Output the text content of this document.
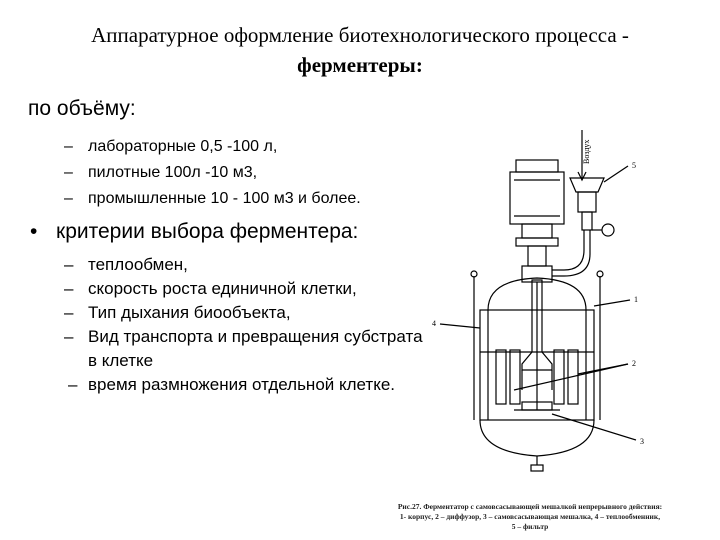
Аппаратурное оформление биотехнологического процесса -
ферментеры:
по объёму:
– лабораторные 0,5 -100 л,
– пилотные 100л -10 м3,
– промышленные 10 - 100 м3 и более.
• критерии выбора ферментера:
– теплообмен,
– скорость роста единичной клетки,
– Тип дыхания биообъекта,
– Вид транспорта и превращения субстрата в клетке
– время размножения отдельной клетке.
Воздух
5
1
4
2
3
Рис.27. Ферментатор с самовсасывающей мешалкой непрерывного действия:
1- корпус, 2 – диффузор, 3 – самовсасывающая мешалка, 4 – теплообменник,
5 – фильтр
